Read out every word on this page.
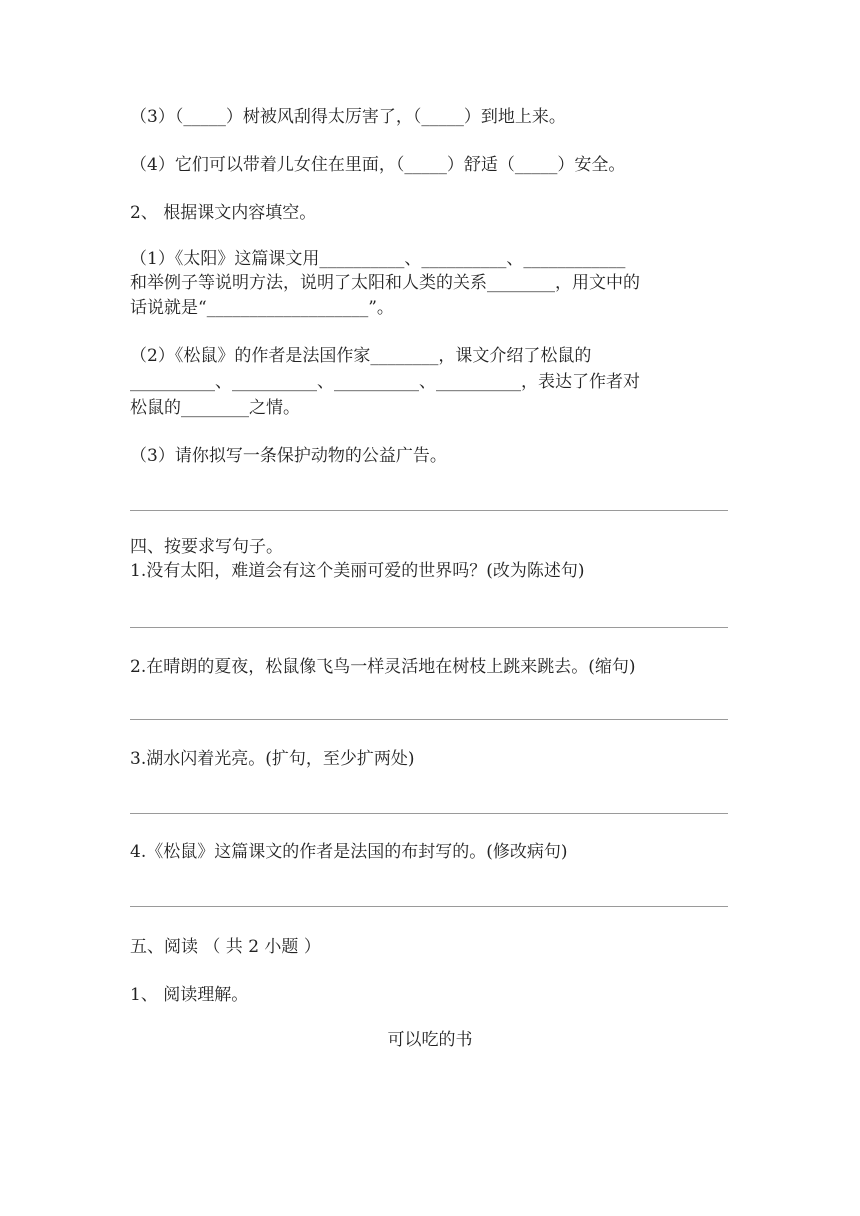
（3）（_____）树被风刮得太厉害了，（_____）到地上来。
（4）它们可以带着儿女住在里面，（_____）舒适（_____）安全。
2、 根据课文内容填空。
（1）《太阳》这篇课文用__________、__________、____________
和举例子等说明方法，说明了太阳和人类的关系________，用文中的
话说就是“___________________”。
（2）《松鼠》的作者是法国作家________，课文介绍了松鼠的
__________、__________、__________、__________，表达了作者对
松鼠的________之情。
（3）请你拟写一条保护动物的公益广告。
四、按要求写句子。
1.没有太阳，难道会有这个美丽可爱的世界吗？(改为陈述句)
2.在晴朗的夏夜，松鼠像飞鸟一样灵活地在树枝上跳来跳去。(缩句)
3.湖水闪着光亮。(扩句，至少扩两处)
4.《松鼠》这篇课文的作者是法国的布封写的。(修改病句)
五、阅读 （ 共 2 小题 ）
1、 阅读理解。
可以吃的书
